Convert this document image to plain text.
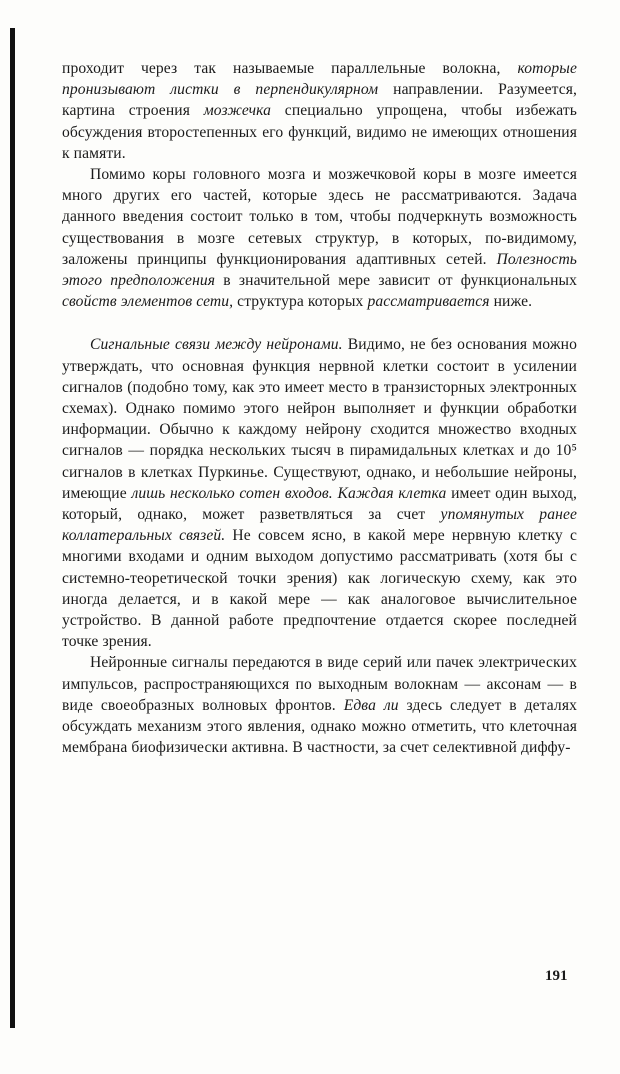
проходит через так называемые параллельные волокна, которые пронизывают листки в перпендикулярном направлении. Разумеется, картина строения мозжечка специально упрощена, чтобы избежать обсуждения второстепенных его функций, видимо не имеющих отношения к памяти.

Помимо коры головного мозга и мозжечковой коры в мозге имеется много других его частей, которые здесь не рассматриваются. Задача данного введения состоит только в том, чтобы подчеркнуть возможность существования в мозге сетевых структур, в которых, по-видимому, заложены принципы функционирования адаптивных сетей. Полезность этого предположения в значительной мере зависит от функциональных свойств элементов сети, структура которых рассматривается ниже.

Сигнальные связи между нейронами. Видимо, не без основания можно утверждать, что основная функция нервной клетки состоит в усилении сигналов (подобно тому, как это имеет место в транзисторных электронных схемах). Однако помимо этого нейрон выполняет и функции обработки информации. Обычно к каждому нейрону сходится множество входных сигналов — порядка нескольких тысяч в пирамидальных клетках и до 10⁵ сигналов в клетках Пуркинье. Существуют, однако, и небольшие нейроны, имеющие лишь несколько сотен входов. Каждая клетка имеет один выход, который, однако, может разветвляться за счет упомянутых ранее коллатеральных связей. Не совсем ясно, в какой мере нервную клетку с многими входами и одним выходом допустимо рассматривать (хотя бы с системно-теоретической точки зрения) как логическую схему, как это иногда делается, и в какой мере — как аналоговое вычислительное устройство. В данной работе предпочтение отдается скорее последней точке зрения.

Нейронные сигналы передаются в виде серий или пачек электрических импульсов, распространяющихся по выходным волокнам — аксонам — в виде своеобразных волновых фронтов. Едва ли здесь следует в деталях обсуждать механизм этого явления, однако можно отметить, что клеточная мембрана биофизически активна. В частности, за счет селективной диффу-

191
